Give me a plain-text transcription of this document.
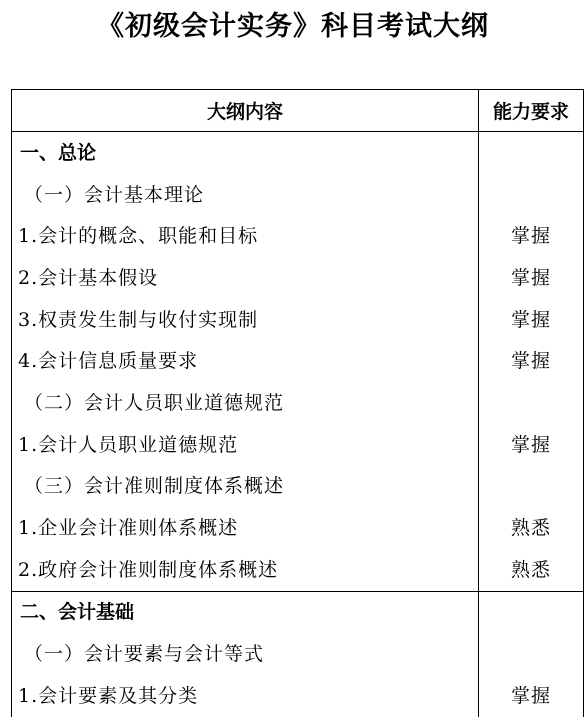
《初级会计实务》科目考试大纲
大纲内容	能力要求
一、总论	
（一）会计基本理论	
1.会计的概念、职能和目标	掌握
2.会计基本假设	掌握
3.权责发生制与收付实现制	掌握
4.会计信息质量要求	掌握
（二）会计人员职业道德规范	
1.会计人员职业道德规范	掌握
（三）会计准则制度体系概述	
1.企业会计准则体系概述	熟悉
2.政府会计准则制度体系概述	熟悉
二、会计基础	
（一）会计要素与会计等式	
1.会计要素及其分类	掌握
